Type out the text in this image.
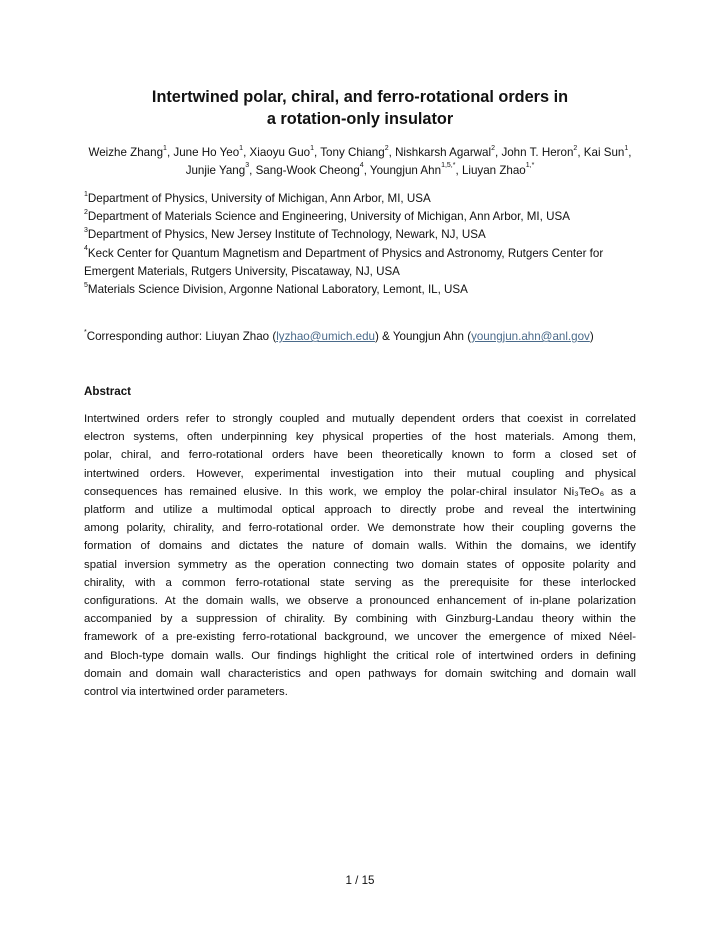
Intertwined polar, chiral, and ferro-rotational orders in
a rotation-only insulator
Weizhe Zhang$^1$, June Ho Yeo$^1$, Xiaoyu Guo$^1$, Tony Chiang$^2$, Nishkarsh Agarwal$^2$, John T. Heron$^2$, Kai Sun$^1$, Junjie Yang$^3$, Sang-Wook Cheong$^4$, Youngjun Ahn$^{1,5,*}$, Liuyan Zhao$^{1,*}$
$^1$Department of Physics, University of Michigan, Ann Arbor, MI, USA
$^2$Department of Materials Science and Engineering, University of Michigan, Ann Arbor, MI, USA
$^3$Department of Physics, New Jersey Institute of Technology, Newark, NJ, USA
$^4$Keck Center for Quantum Magnetism and Department of Physics and Astronomy, Rutgers Center for Emergent Materials, Rutgers University, Piscataway, NJ, USA
$^5$Materials Science Division, Argonne National Laboratory, Lemont, IL, USA
*Corresponding author: Liuyan Zhao (lyzhao@umich.edu) & Youngjun Ahn (youngjun.ahn@anl.gov)
Abstract
Intertwined orders refer to strongly coupled and mutually dependent orders that coexist in correlated
electron systems, often underpinning key physical properties of the host materials. Among them,
polar, chiral, and ferro-rotational orders have been theoretically known to form a closed set of
intertwined orders. However, experimental investigation into their mutual coupling and physical
consequences has remained elusive. In this work, we employ the polar-chiral insulator Ni₃TeO₆ as a
platform and utilize a multimodal optical approach to directly probe and reveal the intertwining
among polarity, chirality, and ferro-rotational order. We demonstrate how their coupling governs the
formation of domains and dictates the nature of domain walls. Within the domains, we identify
spatial inversion symmetry as the operation connecting two domain states of opposite polarity and
chirality, with a common ferro-rotational state serving as the prerequisite for these interlocked
configurations. At the domain walls, we observe a pronounced enhancement of in-plane polarization
accompanied by a suppression of chirality. By combining with Ginzburg-Landau theory within the
framework of a pre-existing ferro-rotational background, we uncover the emergence of mixed Néel-
and Bloch-type domain walls. Our findings highlight the critical role of intertwined orders in defining
domain and domain wall characteristics and open pathways for domain switching and domain wall
control via intertwined order parameters.
1 / 15
